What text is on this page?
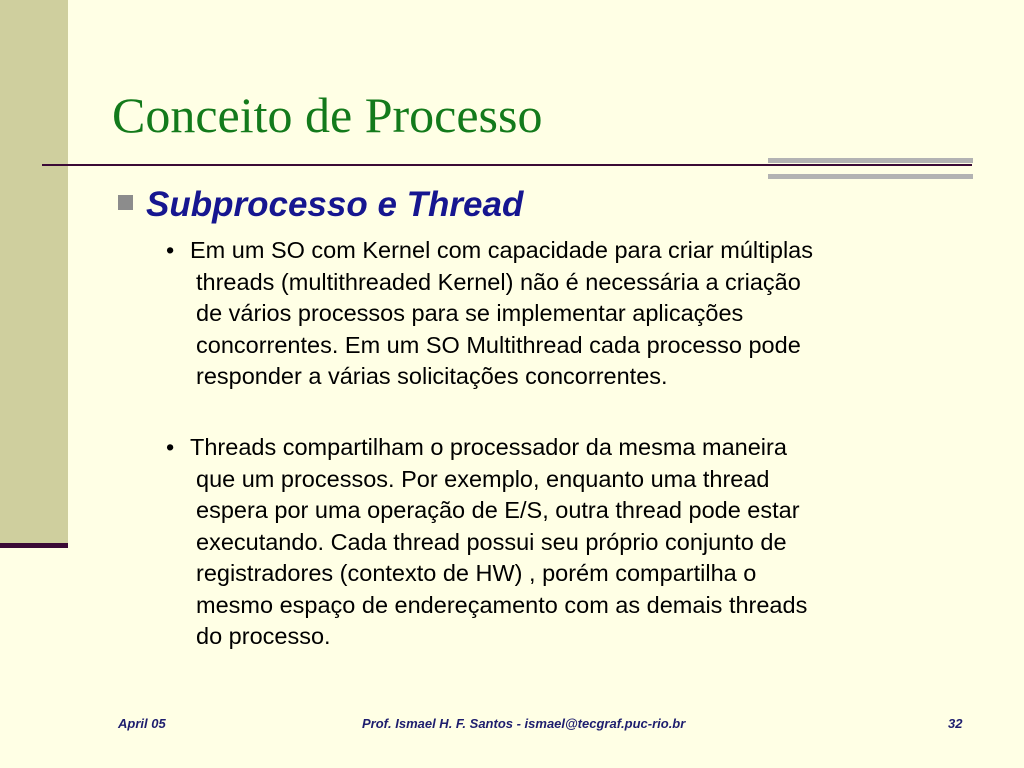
Conceito de Processo
Subprocesso e Thread
• Em um SO com Kernel com capacidade para criar múltiplas
threads (multithreaded Kernel) não é necessária a criação
de vários processos para se implementar aplicações
concorrentes. Em um SO Multithread cada processo pode
responder a várias solicitações concorrentes.
• Threads compartilham o processador da mesma maneira
que um processos. Por exemplo, enquanto uma thread
espera por uma operação de E/S, outra thread pode estar
executando. Cada thread possui seu próprio conjunto de
registradores (contexto de HW) , porém compartilha o
mesmo espaço de endereçamento com as demais threads
do processo.
April 05	Prof. Ismael H. F. Santos - ismael@tecgraf.puc-rio.br	32
